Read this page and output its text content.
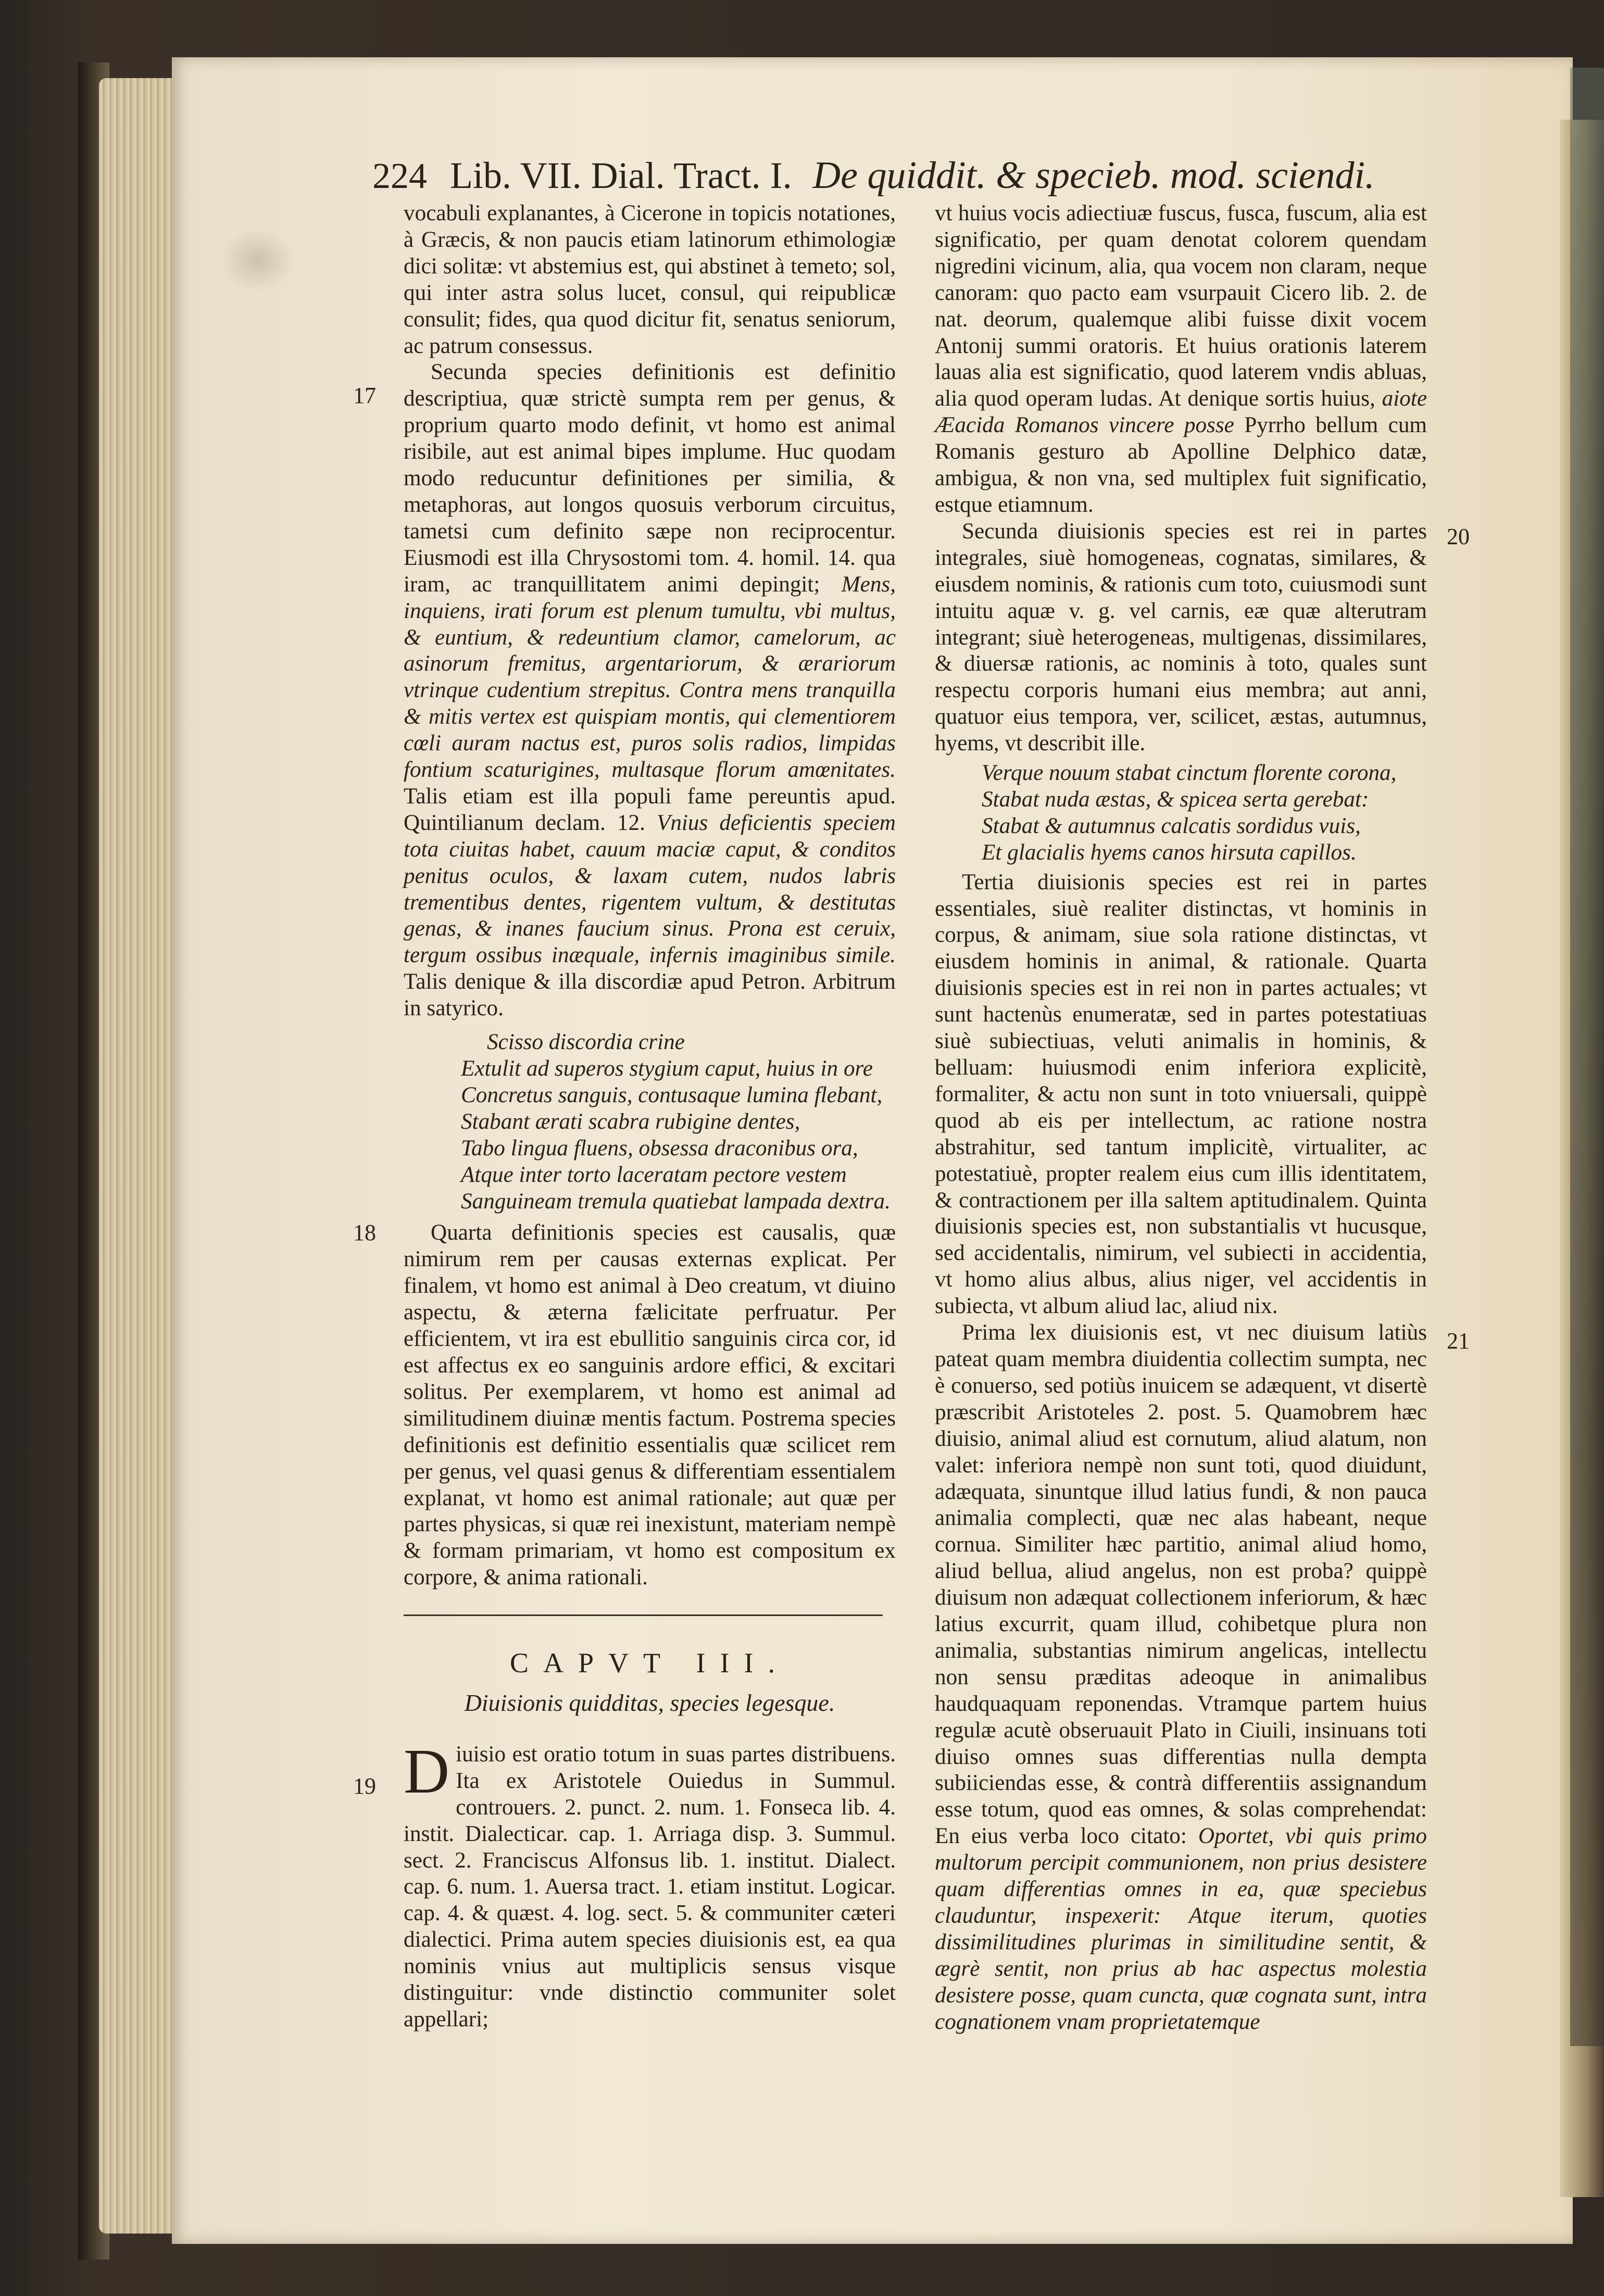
224 Lib. VII. Dial. Tract. I. De quiddit. & specieb. mod. sciendi.
17
18
19
20
21

vocabuli explanantes, à Cicerone in topicis notationes, à Græcis, & non paucis etiam latinorum ethimologiæ dici solitæ: vt abstemius est, qui abstinet à temeto; sol, qui inter astra solus lucet, consul, qui reipublicæ consulit; fides, qua quod dicitur fit, senatus seniorum, ac patrum consessus.

Secunda species definitionis est definitio descriptiua, quæ strictè sumpta rem per genus, & proprium quarto modo definit, vt homo est animal risibile, aut est animal bipes implume. Huc quodam modo reducuntur definitiones per similia, & metaphoras, aut longos quosuis verborum circuitus, tametsi cum definito sæpe non reciprocentur. Eiusmodi est illa Chrysostomi tom. 4. homil. 14. qua iram, ac tranquillitatem animi depingit; Mens, inquiens, irati forum est plenum tumultu, vbi multus, & euntium, & redeuntium clamor, camelorum, ac asinorum fremitus, argentariorum, & ærariorum vtrinque cudentium strepitus. Contra mens tranquilla & mitis vertex est quispiam montis, qui clementiorem cœli auram nactus est, puros solis radios, limpidas fontium scaturigines, multasque florum amœnitates. Talis etiam est illa populi fame pereuntis apud. Quintilianum declam. 12. Vnius deficientis speciem tota ciuitas habet, cauum maciæ caput, & conditos penitus oculos, & laxam cutem, nudos labris trementibus dentes, rigentem vultum, & destitutas genas, & inanes faucium sinus. Prona est ceruix, tergum ossibus inæquale, infernis imaginibus simile. Talis denique & illa discordiæ apud Petron. Arbitrum in satyrico.

Scisso discordia crine

Extulit ad superos stygium caput, huius in ore

Concretus sanguis, contusaque lumina flebant,

Stabant ærati scabra rubigine dentes,

Tabo lingua fluens, obsessa draconibus ora,

Atque inter torto laceratam pectore vestem

Sanguineam tremula quatiebat lampada dextra.

Quarta definitionis species est causalis, quæ nimirum rem per causas externas explicat. Per finalem, vt homo est animal à Deo creatum, vt diuino aspectu, & æterna fælicitate perfruatur. Per efficientem, vt ira est ebullitio sanguinis circa cor, id est affectus ex eo sanguinis ardore effici, & excitari solitus. Per exemplarem, vt homo est animal ad similitudinem diuinæ mentis factum. Postrema species definitionis est definitio essentialis quæ scilicet rem per genus, vel quasi genus & differentiam essentialem explanat, vt homo est animal rationale; aut quæ per partes physicas, si quæ rei inexistunt, materiam nempè & formam primariam, vt homo est compositum ex corpore, & anima rationali.

CAPVT III.
Diuisionis quidditas, species legesque.

D iuisio est oratio totum in suas partes distribuens. Ita ex Aristotele Ouiedus in Summul. controuers. 2. punct. 2. num. 1. Fonseca lib. 4. instit. Dialecticar. cap. 1. Arriaga disp. 3. Summul. sect. 2. Franciscus Alfonsus lib. 1. institut. Dialect. cap. 6. num. 1. Auersa tract. 1. etiam institut. Logicar. cap. 4. & quæst. 4. log. sect. 5. & communiter cæteri dialectici. Prima autem species diuisionis est, ea qua nominis vnius aut multiplicis sensus visque distinguitur: vnde distinctio communiter solet appellari;

vt huius vocis adiectiuæ fuscus, fusca, fuscum, alia est significatio, per quam denotat colorem quendam nigredini vicinum, alia, qua vocem non claram, neque canoram: quo pacto eam vsurpauit Cicero lib. 2. de nat. deorum, qualemque alibi fuisse dixit vocem Antonij summi oratoris. Et huius orationis laterem lauas alia est significatio, quod laterem vndis abluas, alia quod operam ludas. At denique sortis huius, aiote Æacida Romanos vincere posse Pyrrho bellum cum Romanis gesturo ab Apolline Delphico datæ, ambigua, & non vna, sed multiplex fuit significatio, estque etiamnum.

Secunda diuisionis species est rei in partes integrales, siuè homogeneas, cognatas, similares, & eiusdem nominis, & rationis cum toto, cuiusmodi sunt intuitu aquæ v. g. vel carnis, eæ quæ alterutram integrant; siuè heterogeneas, multigenas, dissimilares, & diuersæ rationis, ac nominis à toto, quales sunt respectu corporis humani eius membra; aut anni, quatuor eius tempora, ver, scilicet, æstas, autumnus, hyems, vt describit ille.

Verque nouum stabat cinctum florente corona,

Stabat nuda æstas, & spicea serta gerebat:

Stabat & autumnus calcatis sordidus vuis,

Et glacialis hyems canos hirsuta capillos.

Tertia diuisionis species est rei in partes essentiales, siuè realiter distinctas, vt hominis in corpus, & animam, siue sola ratione distinctas, vt eiusdem hominis in animal, & rationale. Quarta diuisionis species est in rei non in partes actuales; vt sunt hactenùs enumeratæ, sed in partes potestatiuas siuè subiectiuas, veluti animalis in hominis, & belluam: huiusmodi enim inferiora explicitè, formaliter, & actu non sunt in toto vniuersali, quippè quod ab eis per intellectum, ac ratione nostra abstrahitur, sed tantum implicitè, virtualiter, ac potestatiuè, propter realem eius cum illis identitatem, & contractionem per illa saltem aptitudinalem. Quinta diuisionis species est, non substantialis vt hucusque, sed accidentalis, nimirum, vel subiecti in accidentia, vt homo alius albus, alius niger, vel accidentis in subiecta, vt album aliud lac, aliud nix.

Prima lex diuisionis est, vt nec diuisum latiùs pateat quam membra diuidentia collectim sumpta, nec è conuerso, sed potiùs inuicem se adæquent, vt disertè præscribit Aristoteles 2. post. 5. Quamobrem hæc diuisio, animal aliud est cornutum, aliud alatum, non valet: inferiora nempè non sunt toti, quod diuidunt, adæquata, sinuntque illud latius fundi, & non pauca animalia complecti, quæ nec alas habeant, neque cornua. Similiter hæc partitio, animal aliud homo, aliud bellua, aliud angelus, non est proba? quippè diuisum non adæquat collectionem inferiorum, & hæc latius excurrit, quam illud, cohibetque plura non animalia, substantias nimirum angelicas, intellectu non sensu præditas adeoque in animalibus haudquaquam reponendas. Vtramque partem huius regulæ acutè obseruauit Plato in Ciuili, insinuans toti diuiso omnes suas differentias nulla dempta subiiciendas esse, & contrà differentiis assignandum esse totum, quod eas omnes, & solas comprehendat: En eius verba loco citato: Oportet, vbi quis primo multorum percipit communionem, non prius desistere quam differentias omnes in ea, quæ speciebus clauduntur, inspexerit: Atque iterum, quoties dissimilitudines plurimas in similitudine sentit, & ægrè sentit, non prius ab hac aspectus molestia desistere posse, quam cuncta, quæ cognata sunt, intra cognationem vnam proprietatemque
